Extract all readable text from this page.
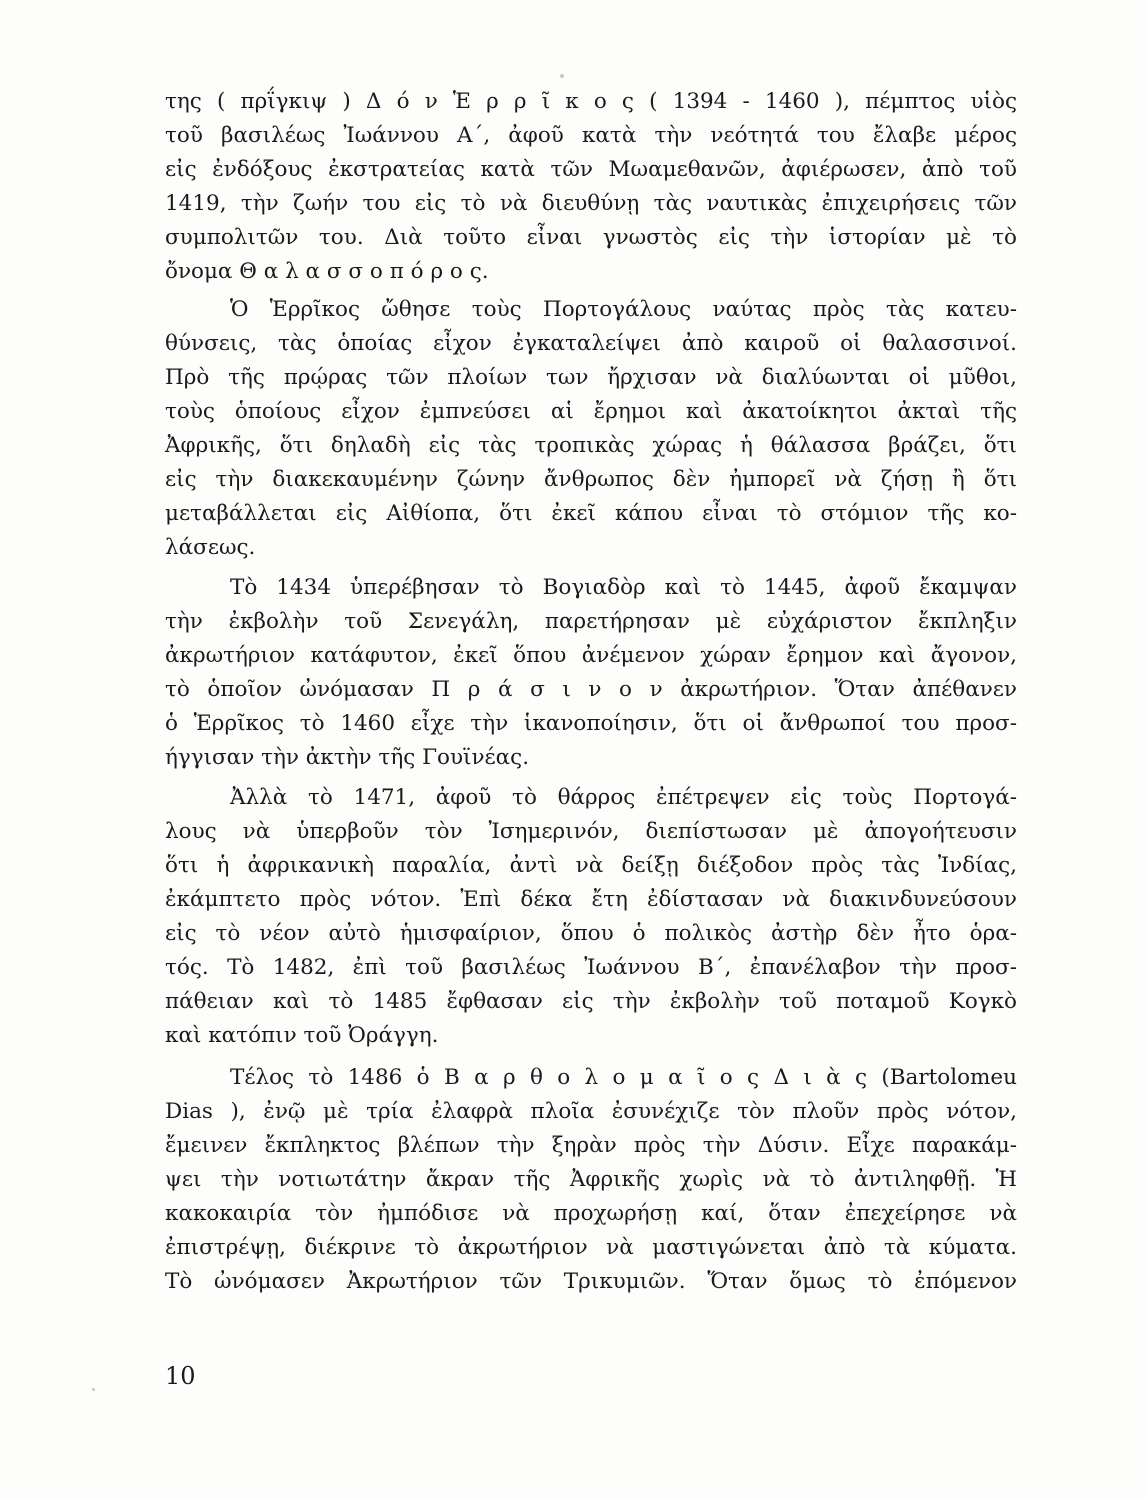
της ( πρΐγκιψ ) Δ ό ν Ἑ ρ ρ ῖ κ ο ς ( 1394 - 1460 ), πέμπτος υἱὸς
τοῦ βασιλέως Ἰωάννου Α΄, ἀφοῦ κατὰ τὴν νεότητά του ἔλαβε μέρος
εἰς ἐνδόξους ἐκστρατείας κατὰ τῶν Μωαμεθανῶν, ἀφιέρωσεν, ἀπὸ τοῦ
1419, τὴν ζωήν του εἰς τὸ νὰ διευθύνῃ τὰς ναυτικὰς ἐπιχειρήσεις τῶν
συμπολιτῶν του. Διὰ τοῦτο εἶναι γνωστὸς εἰς τὴν ἱστορίαν μὲ τὸ
ὄνομα Θ α λ α σ σ ο π ό ρ ο ς.
Ὁ Ἑρρῖκος ὤθησε τοὺς Πορτογάλους ναύτας πρὸς τὰς κατευ-
θύνσεις, τὰς ὁποίας εἶχον ἐγκαταλείψει ἀπὸ καιροῦ οἱ θαλασσινοί.
Πρὸ τῆς πρῴρας τῶν πλοίων των ἤρχισαν νὰ διαλύωνται οἱ μῦθοι,
τοὺς ὁποίους εἶχον ἐμπνεύσει αἱ ἔρημοι καὶ ἀκατοίκητοι ἀκταὶ τῆς
Ἀφρικῆς, ὅτι δηλαδὴ εἰς τὰς τροπικὰς χώρας ἡ θάλασσα βράζει, ὅτι
εἰς τὴν διακεκαυμένην ζώνην ἄνθρωπος δὲν ἠμπορεῖ νὰ ζήσῃ ἢ ὅτι
μεταβάλλεται εἰς Αἰθίοπα, ὅτι ἐκεῖ κάπου εἶναι τὸ στόμιον τῆς κο-
λάσεως.
Τὸ 1434 ὑπερέβησαν τὸ Βογιαδὸρ καὶ τὸ 1445, ἀφοῦ ἔκαμψαν
τὴν ἐκβολὴν τοῦ Σενεγάλη, παρετήρησαν μὲ εὐχάριστον ἔκπληξιν
ἀκρωτήριον κατάφυτον, ἐκεῖ ὅπου ἀνέμενον χώραν ἔρημον καὶ ἄγονον,
τὸ ὁποῖον ὠνόμασαν Π ρ ά σ ι ν ο ν ἀκρωτήριον. Ὅταν ἀπέθανεν
ὁ Ἑρρῖκος τὸ 1460 εἶχε τὴν ἱκανοποίησιν, ὅτι οἱ ἄνθρωποί του προσ-
ήγγισαν τὴν ἀκτὴν τῆς Γουϊνέας.
Ἀλλὰ τὸ 1471, ἀφοῦ τὸ θάρρος ἐπέτρεψεν εἰς τοὺς Πορτογά-
λους νὰ ὑπερβοῦν τὸν Ἰσημερινόν, διεπίστωσαν μὲ ἀπογοήτευσιν
ὅτι ἡ ἀφρικανικὴ παραλία, ἀντὶ νὰ δείξῃ διέξοδον πρὸς τὰς Ἰνδίας,
ἐκάμπτετο πρὸς νότον. Ἐπὶ δέκα ἔτη ἐδίστασαν νὰ διακινδυνεύσουν
εἰς τὸ νέον αὐτὸ ἡμισφαίριον, ὅπου ὁ πολικὸς ἀστὴρ δὲν ἦτο ὁρα-
τός. Τὸ 1482, ἐπὶ τοῦ βασιλέως Ἰωάννου Β΄, ἐπανέλαβον τὴν προσ-
πάθειαν καὶ τὸ 1485 ἔφθασαν εἰς τὴν ἐκβολὴν τοῦ ποταμοῦ Κογκὸ
καὶ κατόπιν τοῦ Ὀράγγη.
Τέλος τὸ 1486 ὁ Β α ρ θ ο λ ο μ α ῖ ο ς Δ ι ὰ ς (Bartolomeu
Dias ), ἐνῷ μὲ τρία ἐλαφρὰ πλοῖα ἐσυνέχιζε τὸν πλοῦν πρὸς νότον,
ἔμεινεν ἔκπληκτος βλέπων τὴν ξηρὰν πρὸς τὴν Δύσιν. Εἶχε παρακάμ-
ψει τὴν νοτιωτάτην ἄκραν τῆς Ἀφρικῆς χωρὶς νὰ τὸ ἀντιληφθῇ. Ἡ
κακοκαιρία τὸν ἠμπόδισε νὰ προχωρήσῃ καί, ὅταν ἐπεχείρησε νὰ
ἐπιστρέψῃ, διέκρινε τὸ ἀκρωτήριον νὰ μαστιγώνεται ἀπὸ τὰ κύματα.
Τὸ ὠνόμασεν Ἀκρωτήριον τῶν Τρικυμιῶν. Ὅταν ὅμως τὸ ἐπόμενον
10
